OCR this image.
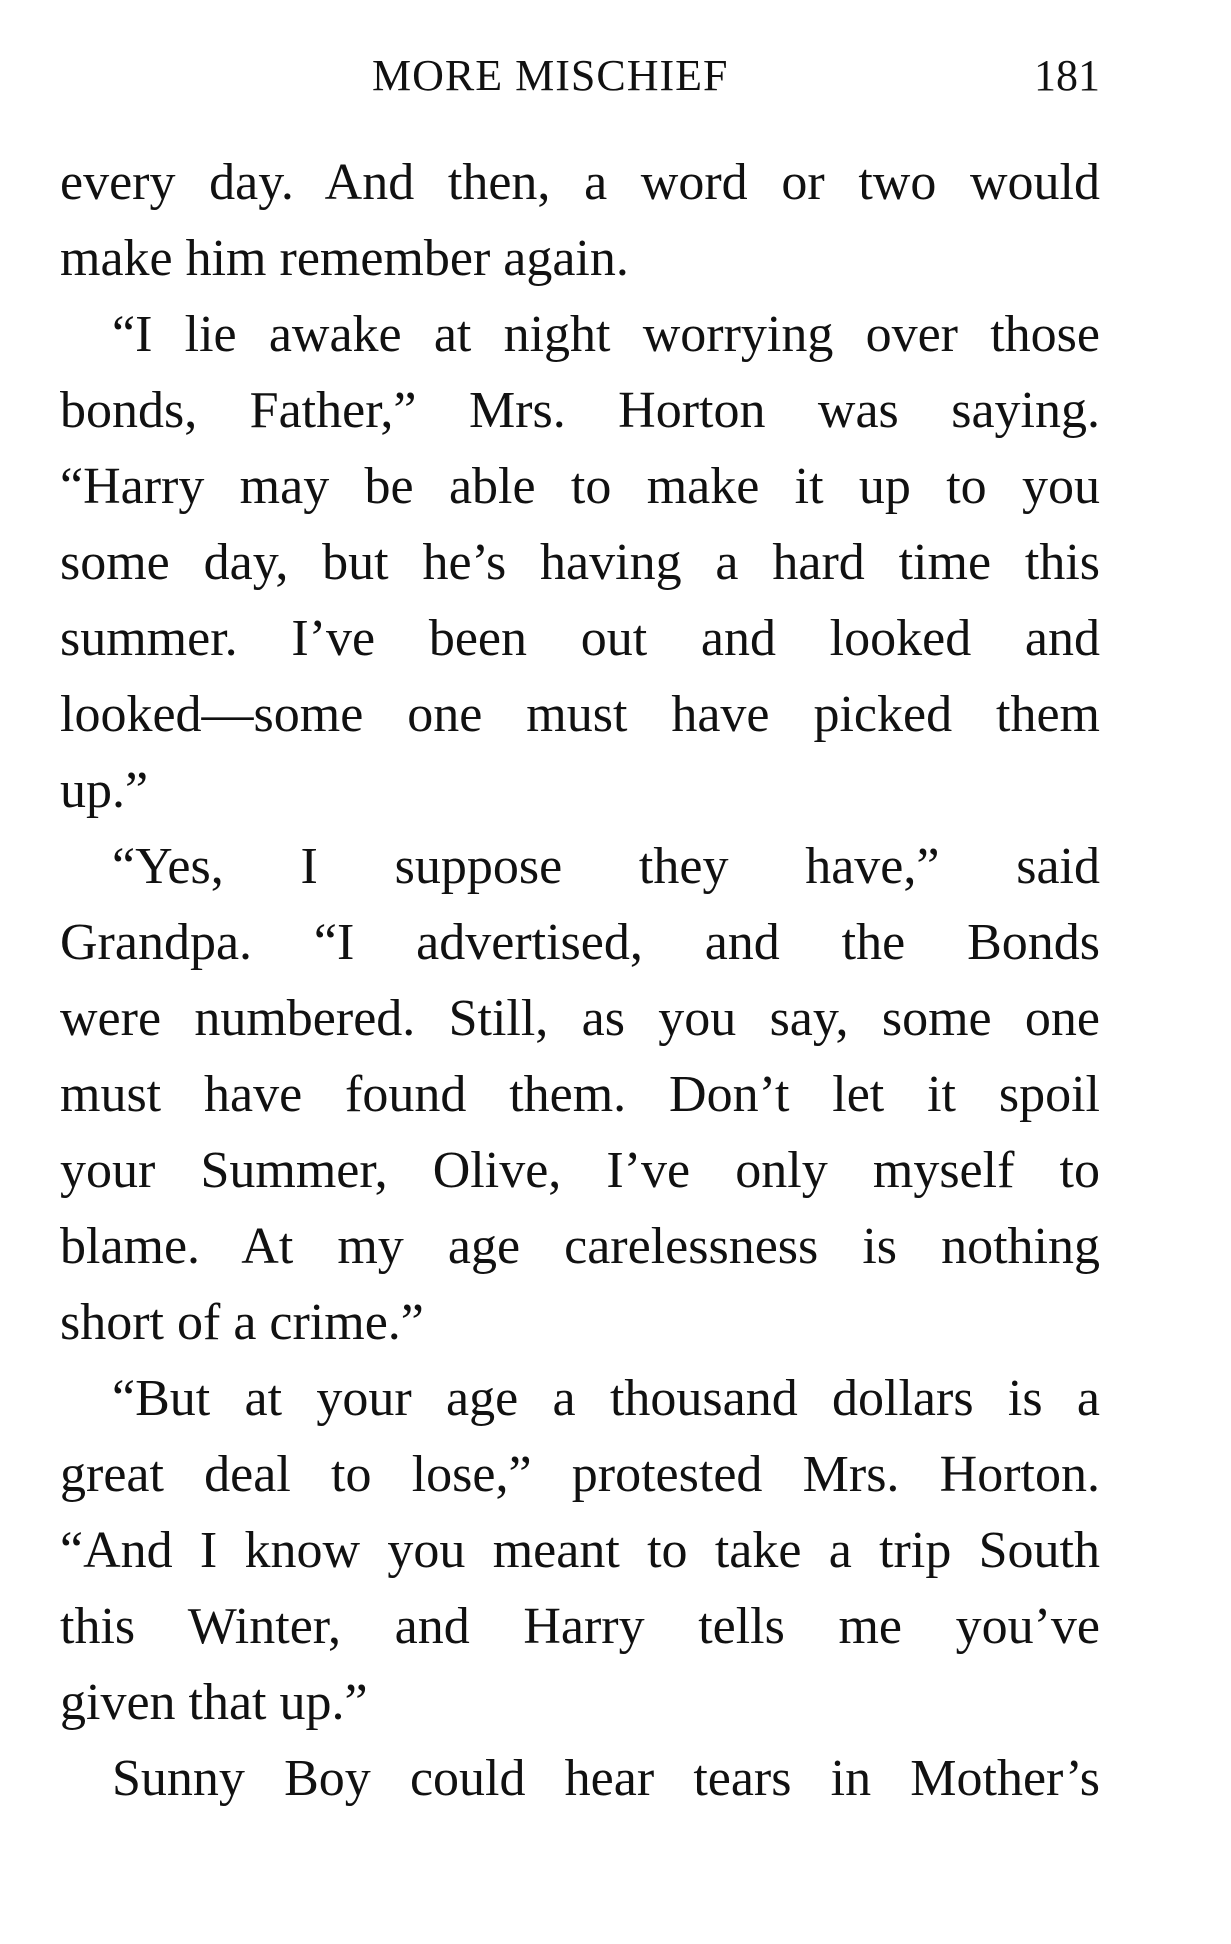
MORE MISCHIEF	181
every day. And then, a word or two would
make him remember again.
“I lie awake at night worrying over those
bonds, Father,” Mrs. Horton was saying.
“Harry may be able to make it up to you
some day, but he’s having a hard time this
summer. I’ve been out and looked and
looked—some one must have picked them
up.”
“Yes, I suppose they have,” said
Grandpa. “I advertised, and the Bonds
were numbered. Still, as you say, some one
must have found them. Don’t let it spoil
your Summer, Olive, I’ve only myself to
blame. At my age carelessness is nothing
short of a crime.”
“But at your age a thousand dollars is a
great deal to lose,” protested Mrs. Horton.
“And I know you meant to take a trip South
this Winter, and Harry tells me you’ve
given that up.”
Sunny Boy could hear tears in Mother’s
